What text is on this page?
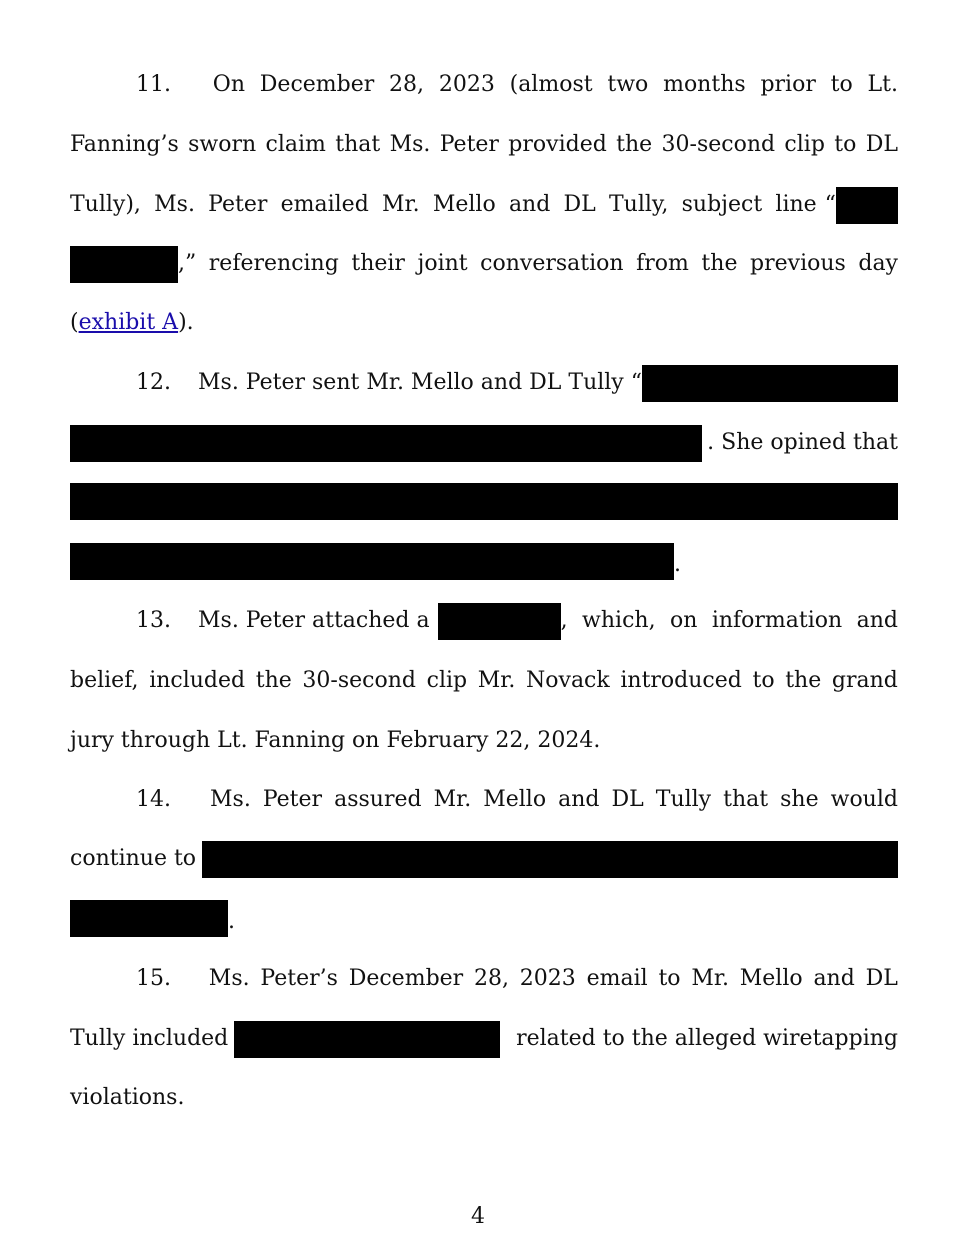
11.	On December 28, 2023 (almost two months prior to Lt.
Fanning’s sworn claim that Ms. Peter provided the 30-second clip to DL
Tully), Ms. Peter emailed Mr. Mello and DL Tully, subject line “
,” referencing their joint conversation from the previous day
( exhibit A ).
12.	Ms. Peter sent Mr. Mello and DL Tully “
. She opined that
.
13.	Ms. Peter attached a	, which, on information and
belief, included the 30-second clip Mr. Novack introduced to the grand
jury through Lt. Fanning on February 22, 2024.
14.	Ms. Peter assured Mr. Mello and DL Tully that she would
continue to
.
15.	Ms. Peter’s December 28, 2023 email to Mr. Mello and DL
Tully included	related to the alleged wiretapping
violations.
4
